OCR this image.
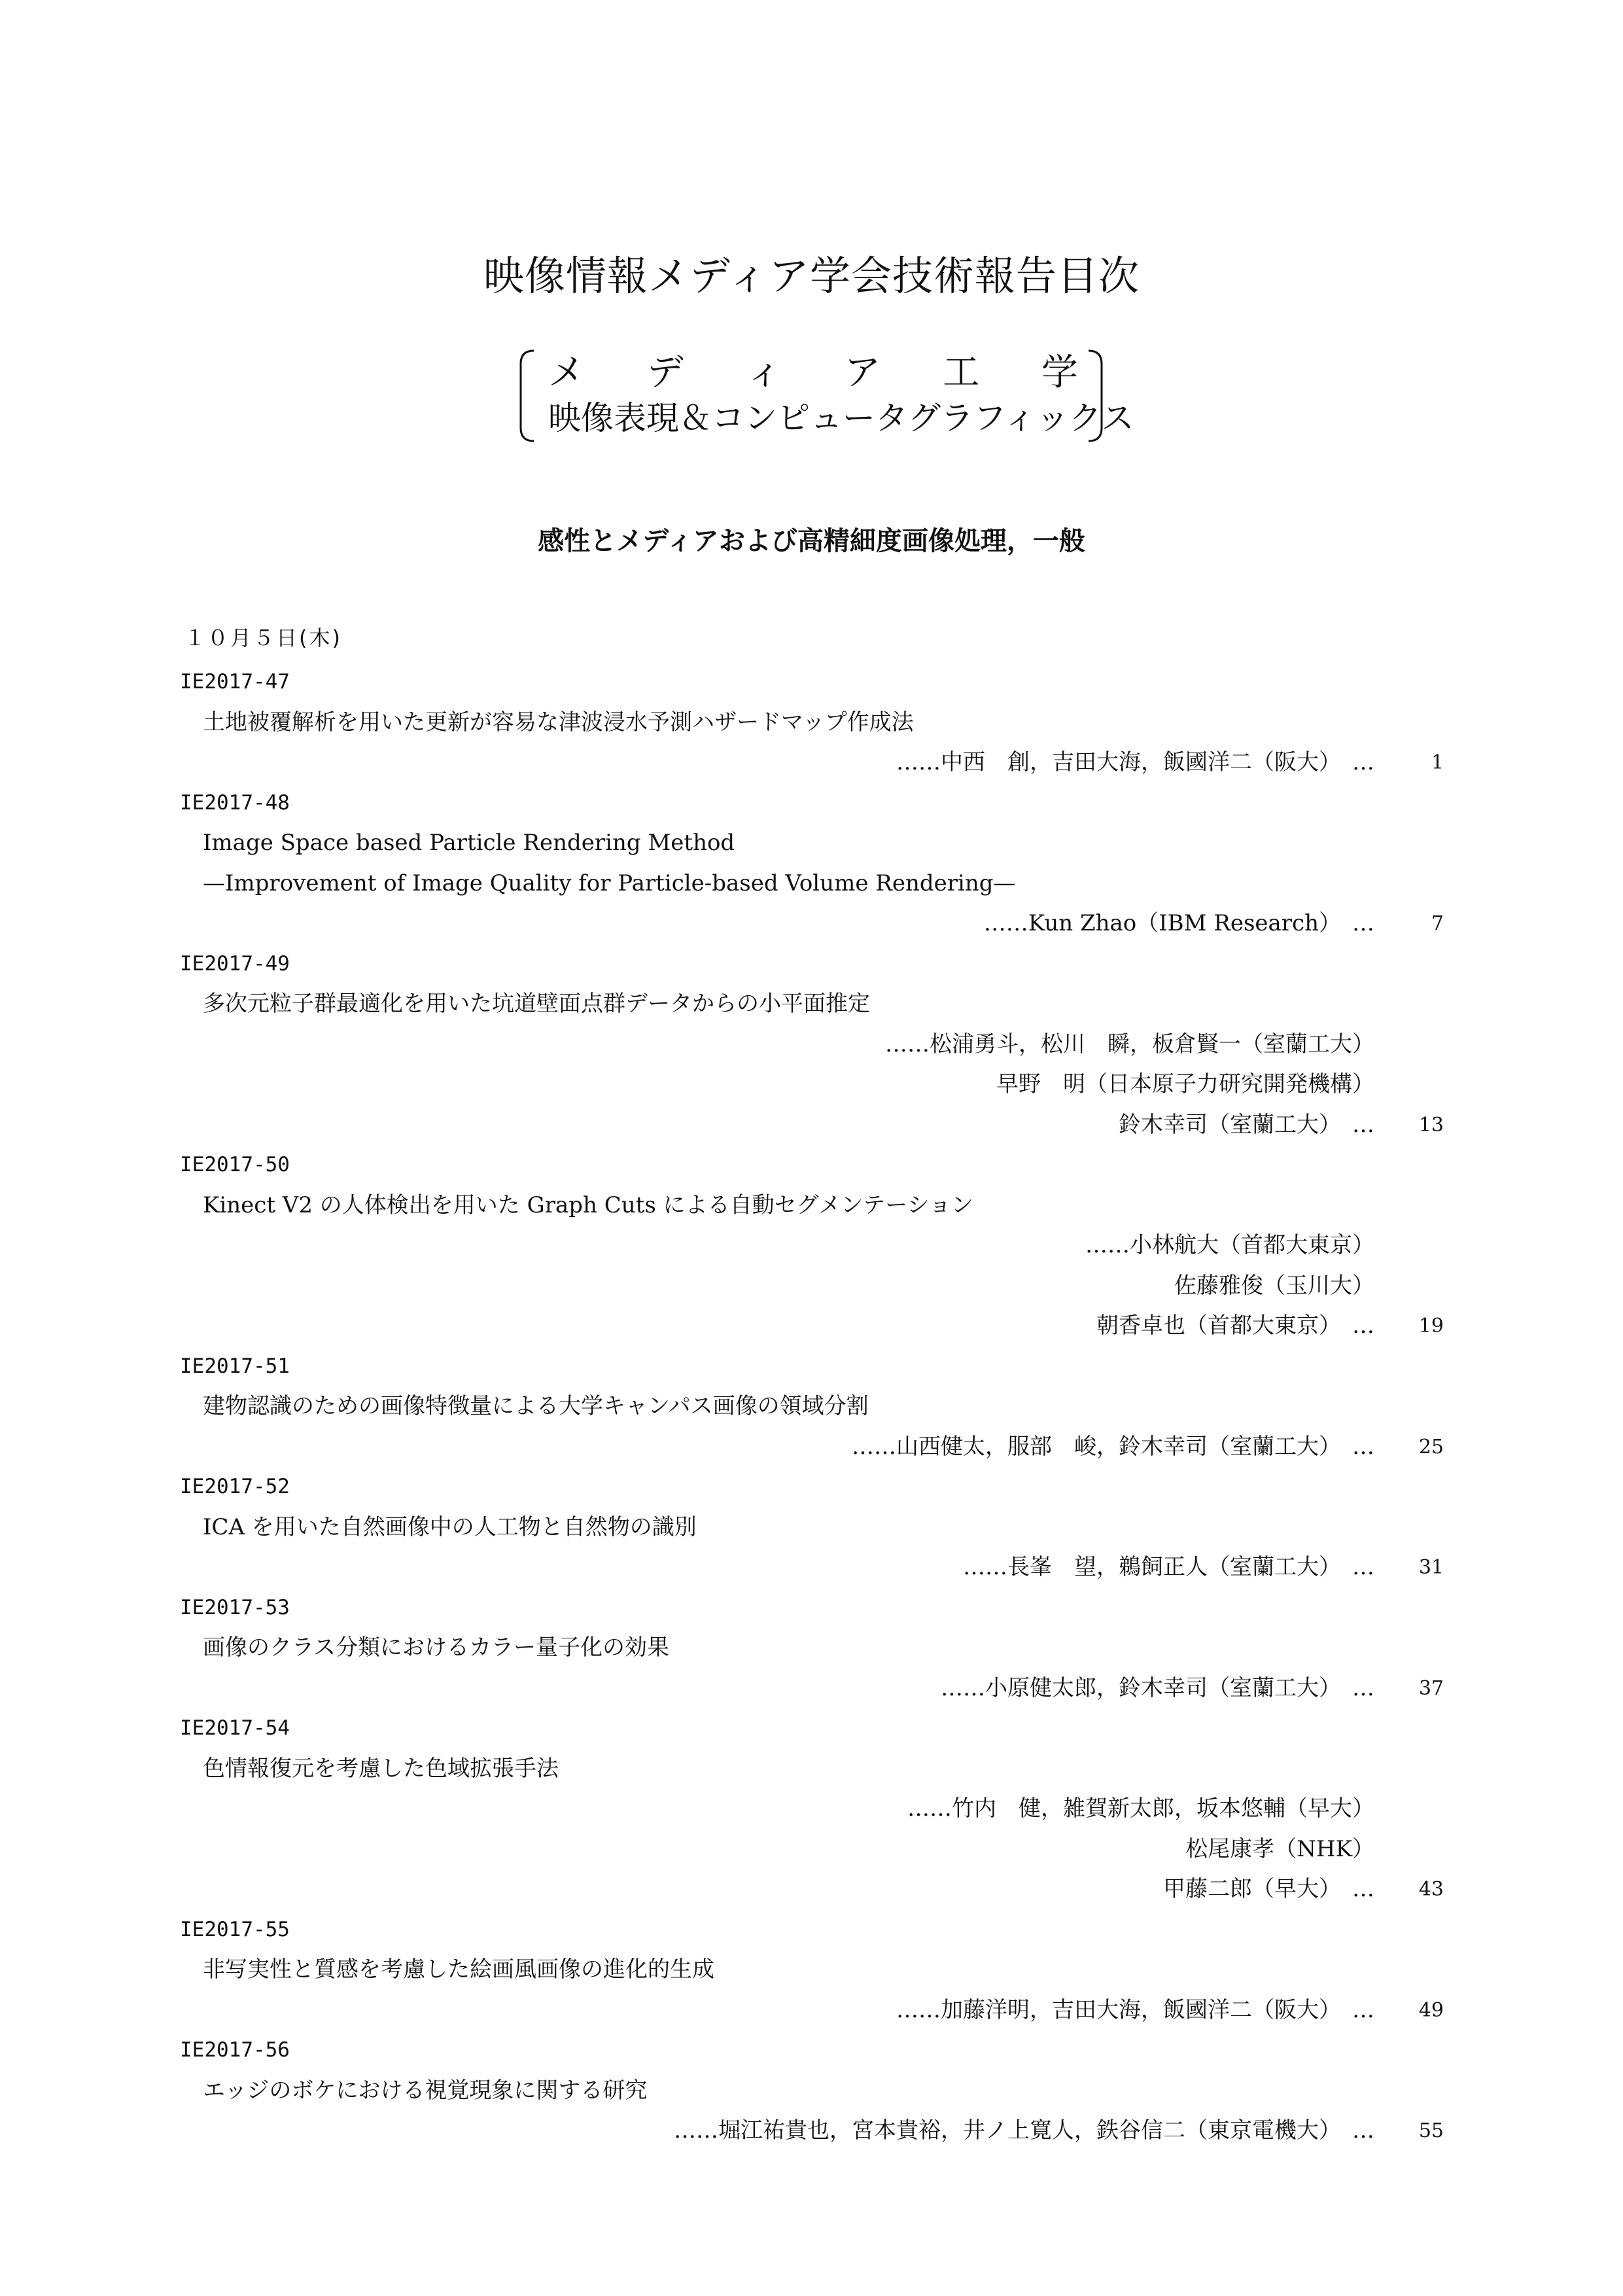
映像情報メディア学会技術報告目次
メ デ ィ ア 工 学
映像表現＆コンピュータグラフィックス
感性とメディアおよび高精細度画像処理，一般
１０月５日(木)
IE2017-47
土地被覆解析を用いた更新が容易な津波浸水予測ハザードマップ作成法
……中西　創，吉田大海，飯國洋二（阪大）　…	1
IE2017-48
Image Space based Particle Rendering Method
—Improvement of Image Quality for Particle-based Volume Rendering—
……Kun Zhao（IBM Research）　…	7
IE2017-49
多次元粒子群最適化を用いた坑道壁面点群データからの小平面推定
……松浦勇斗，松川　瞬，板倉賢一（室蘭工大）
早野　明（日本原子力研究開発機構）
鈴木幸司（室蘭工大）　… 13
IE2017-50
Kinect V2 の人体検出を用いた Graph Cuts による自動セグメンテーション
……小林航大（首都大東京）
佐藤雅俊（玉川大）
朝香卓也（首都大東京）　… 19
IE2017-51
建物認識のための画像特徴量による大学キャンパス画像の領域分割
……山西健太，服部　峻，鈴木幸司（室蘭工大）　… 25
IE2017-52
ICA を用いた自然画像中の人工物と自然物の識別
……長峯　望，鵜飼正人（室蘭工大）　… 31
IE2017-53
画像のクラス分類におけるカラー量子化の効果
……小原健太郎，鈴木幸司（室蘭工大）　… 37
IE2017-54
色情報復元を考慮した色域拡張手法
……竹内　健，雑賀新太郎，坂本悠輔（早大）
松尾康孝（NHK）
甲藤二郎（早大）　… 43
IE2017-55
非写実性と質感を考慮した絵画風画像の進化的生成
……加藤洋明，吉田大海，飯國洋二（阪大）　… 49
IE2017-56
エッジのボケにおける視覚現象に関する研究
……堀江祐貴也，宮本貴裕，井ノ上寛人，鉄谷信二（東京電機大）　… 55
